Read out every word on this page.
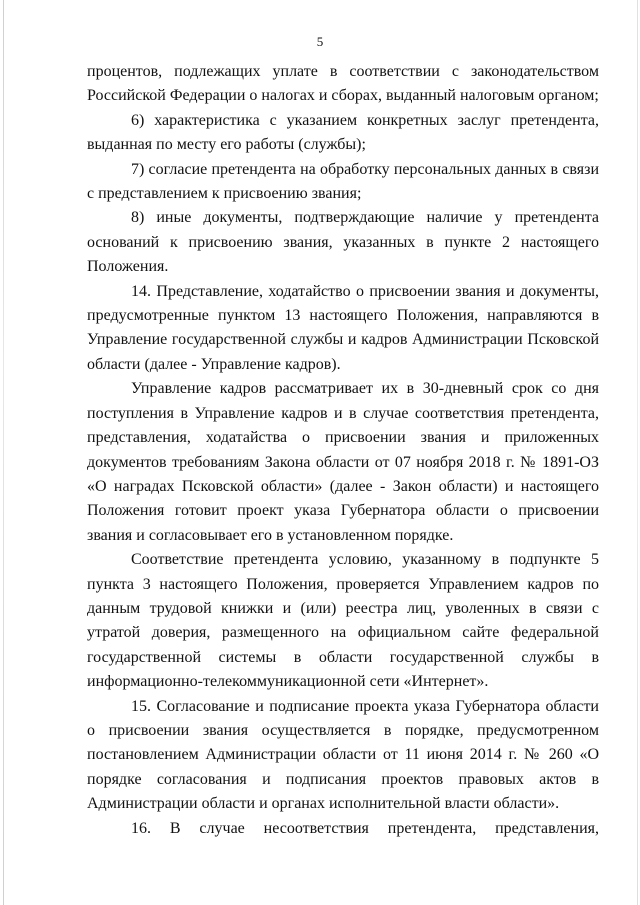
5

процентов, подлежащих уплате в соответствии с законодательством Российской Федерации о налогах и сборах, выданный налоговым органом;

6) характеристика с указанием конкретных заслуг претендента, выданная по месту его работы (службы);

7) согласие претендента на обработку персональных данных в связи с представлением к присвоению звания;

8) иные документы, подтверждающие наличие у претендента оснований к присвоению звания, указанных в пункте 2 настоящего Положения.

14. Представление, ходатайство о присвоении звания и документы, предусмотренные пунктом 13 настоящего Положения, направляются в Управление государственной службы и кадров Администрации Псковской области (далее - Управление кадров).

Управление кадров рассматривает их в 30-дневный срок со дня поступления в Управление кадров и в случае соответствия претендента, представления, ходатайства о присвоении звания и приложенных документов требованиям Закона области от 07 ноября 2018 г. № 1891-ОЗ «О наградах Псковской области» (далее - Закон области) и настоящего Положения готовит проект указа Губернатора области о присвоении звания и согласовывает его в установленном порядке.

Соответствие претендента условию, указанному в подпункте 5 пункта 3 настоящего Положения, проверяется Управлением кадров по данным трудовой книжки и (или) реестра лиц, уволенных в связи с утратой доверия, размещенного на официальном сайте федеральной государственной системы в области государственной службы в информационно-телекоммуникационной сети «Интернет».

15. Согласование и подписание проекта указа Губернатора области о присвоении звания осуществляется в порядке, предусмотренном постановлением Администрации области от 11 июня 2014 г. № 260 «О порядке согласования и подписания проектов правовых актов в Администрации области и органах исполнительной власти области».

16. В случае несоответствия претендента, представления,
